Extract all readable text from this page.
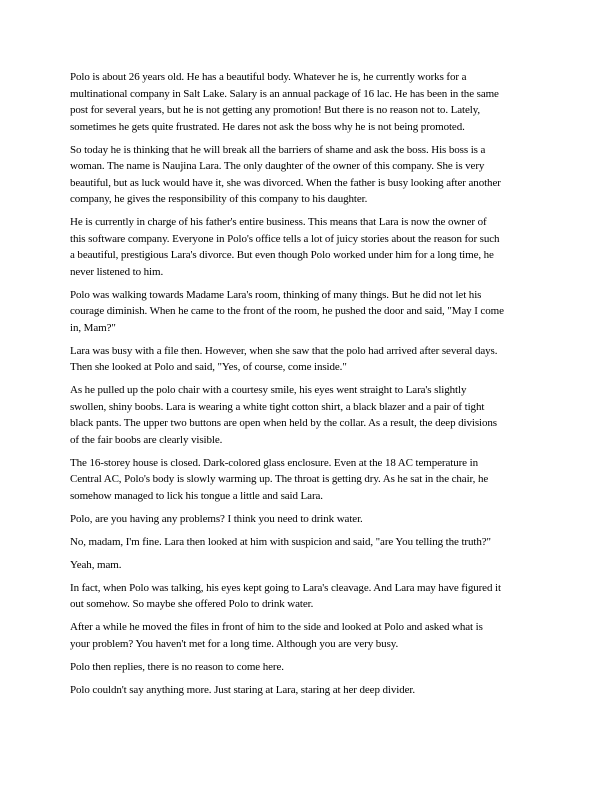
Polo is about 26 years old. He has a beautiful body. Whatever he is, he currently works for a
multinational company in Salt Lake. Salary is an annual package of 16 lac. He has been in the same
post for several years, but he is not getting any promotion! But there is no reason not to. Lately,
sometimes he gets quite frustrated. He dares not ask the boss why he is not being promoted.

So today he is thinking that he will break all the barriers of shame and ask the boss. His boss is a
woman. The name is Naujina Lara. The only daughter of the owner of this company. She is very
beautiful, but as luck would have it, she was divorced. When the father is busy looking after another
company, he gives the responsibility of this company to his daughter.

He is currently in charge of his father's entire business. This means that Lara is now the owner of
this software company. Everyone in Polo's office tells a lot of juicy stories about the reason for such
a beautiful, prestigious Lara's divorce. But even though Polo worked under him for a long time, he
never listened to him.

Polo was walking towards Madame Lara's room, thinking of many things. But he did not let his
courage diminish. When he came to the front of the room, he pushed the door and said, "May I come
in, Mam?"

Lara was busy with a file then. However, when she saw that the polo had arrived after several days.
Then she looked at Polo and said, "Yes, of course, come inside."

As he pulled up the polo chair with a courtesy smile, his eyes went straight to Lara's slightly
swollen, shiny boobs. Lara is wearing a white tight cotton shirt, a black blazer and a pair of tight
black pants. The upper two buttons are open when held by the collar. As a result, the deep divisions
of the fair boobs are clearly visible.

The 16-storey house is closed. Dark-colored glass enclosure. Even at the 18 AC temperature in
Central AC, Polo's body is slowly warming up. The throat is getting dry. As he sat in the chair, he
somehow managed to lick his tongue a little and said Lara.

Polo, are you having any problems? I think you need to drink water.

No, madam, I'm fine. Lara then looked at him with suspicion and said, "are You telling the truth?"

Yeah, mam.

In fact, when Polo was talking, his eyes kept going to Lara's cleavage. And Lara may have figured it
out somehow. So maybe she offered Polo to drink water.

After a while he moved the files in front of him to the side and looked at Polo and asked what is
your problem? You haven't met for a long time. Although you are very busy.

Polo then replies, there is no reason to come here.

Polo couldn't say anything more. Just staring at Lara, staring at her deep divider.
